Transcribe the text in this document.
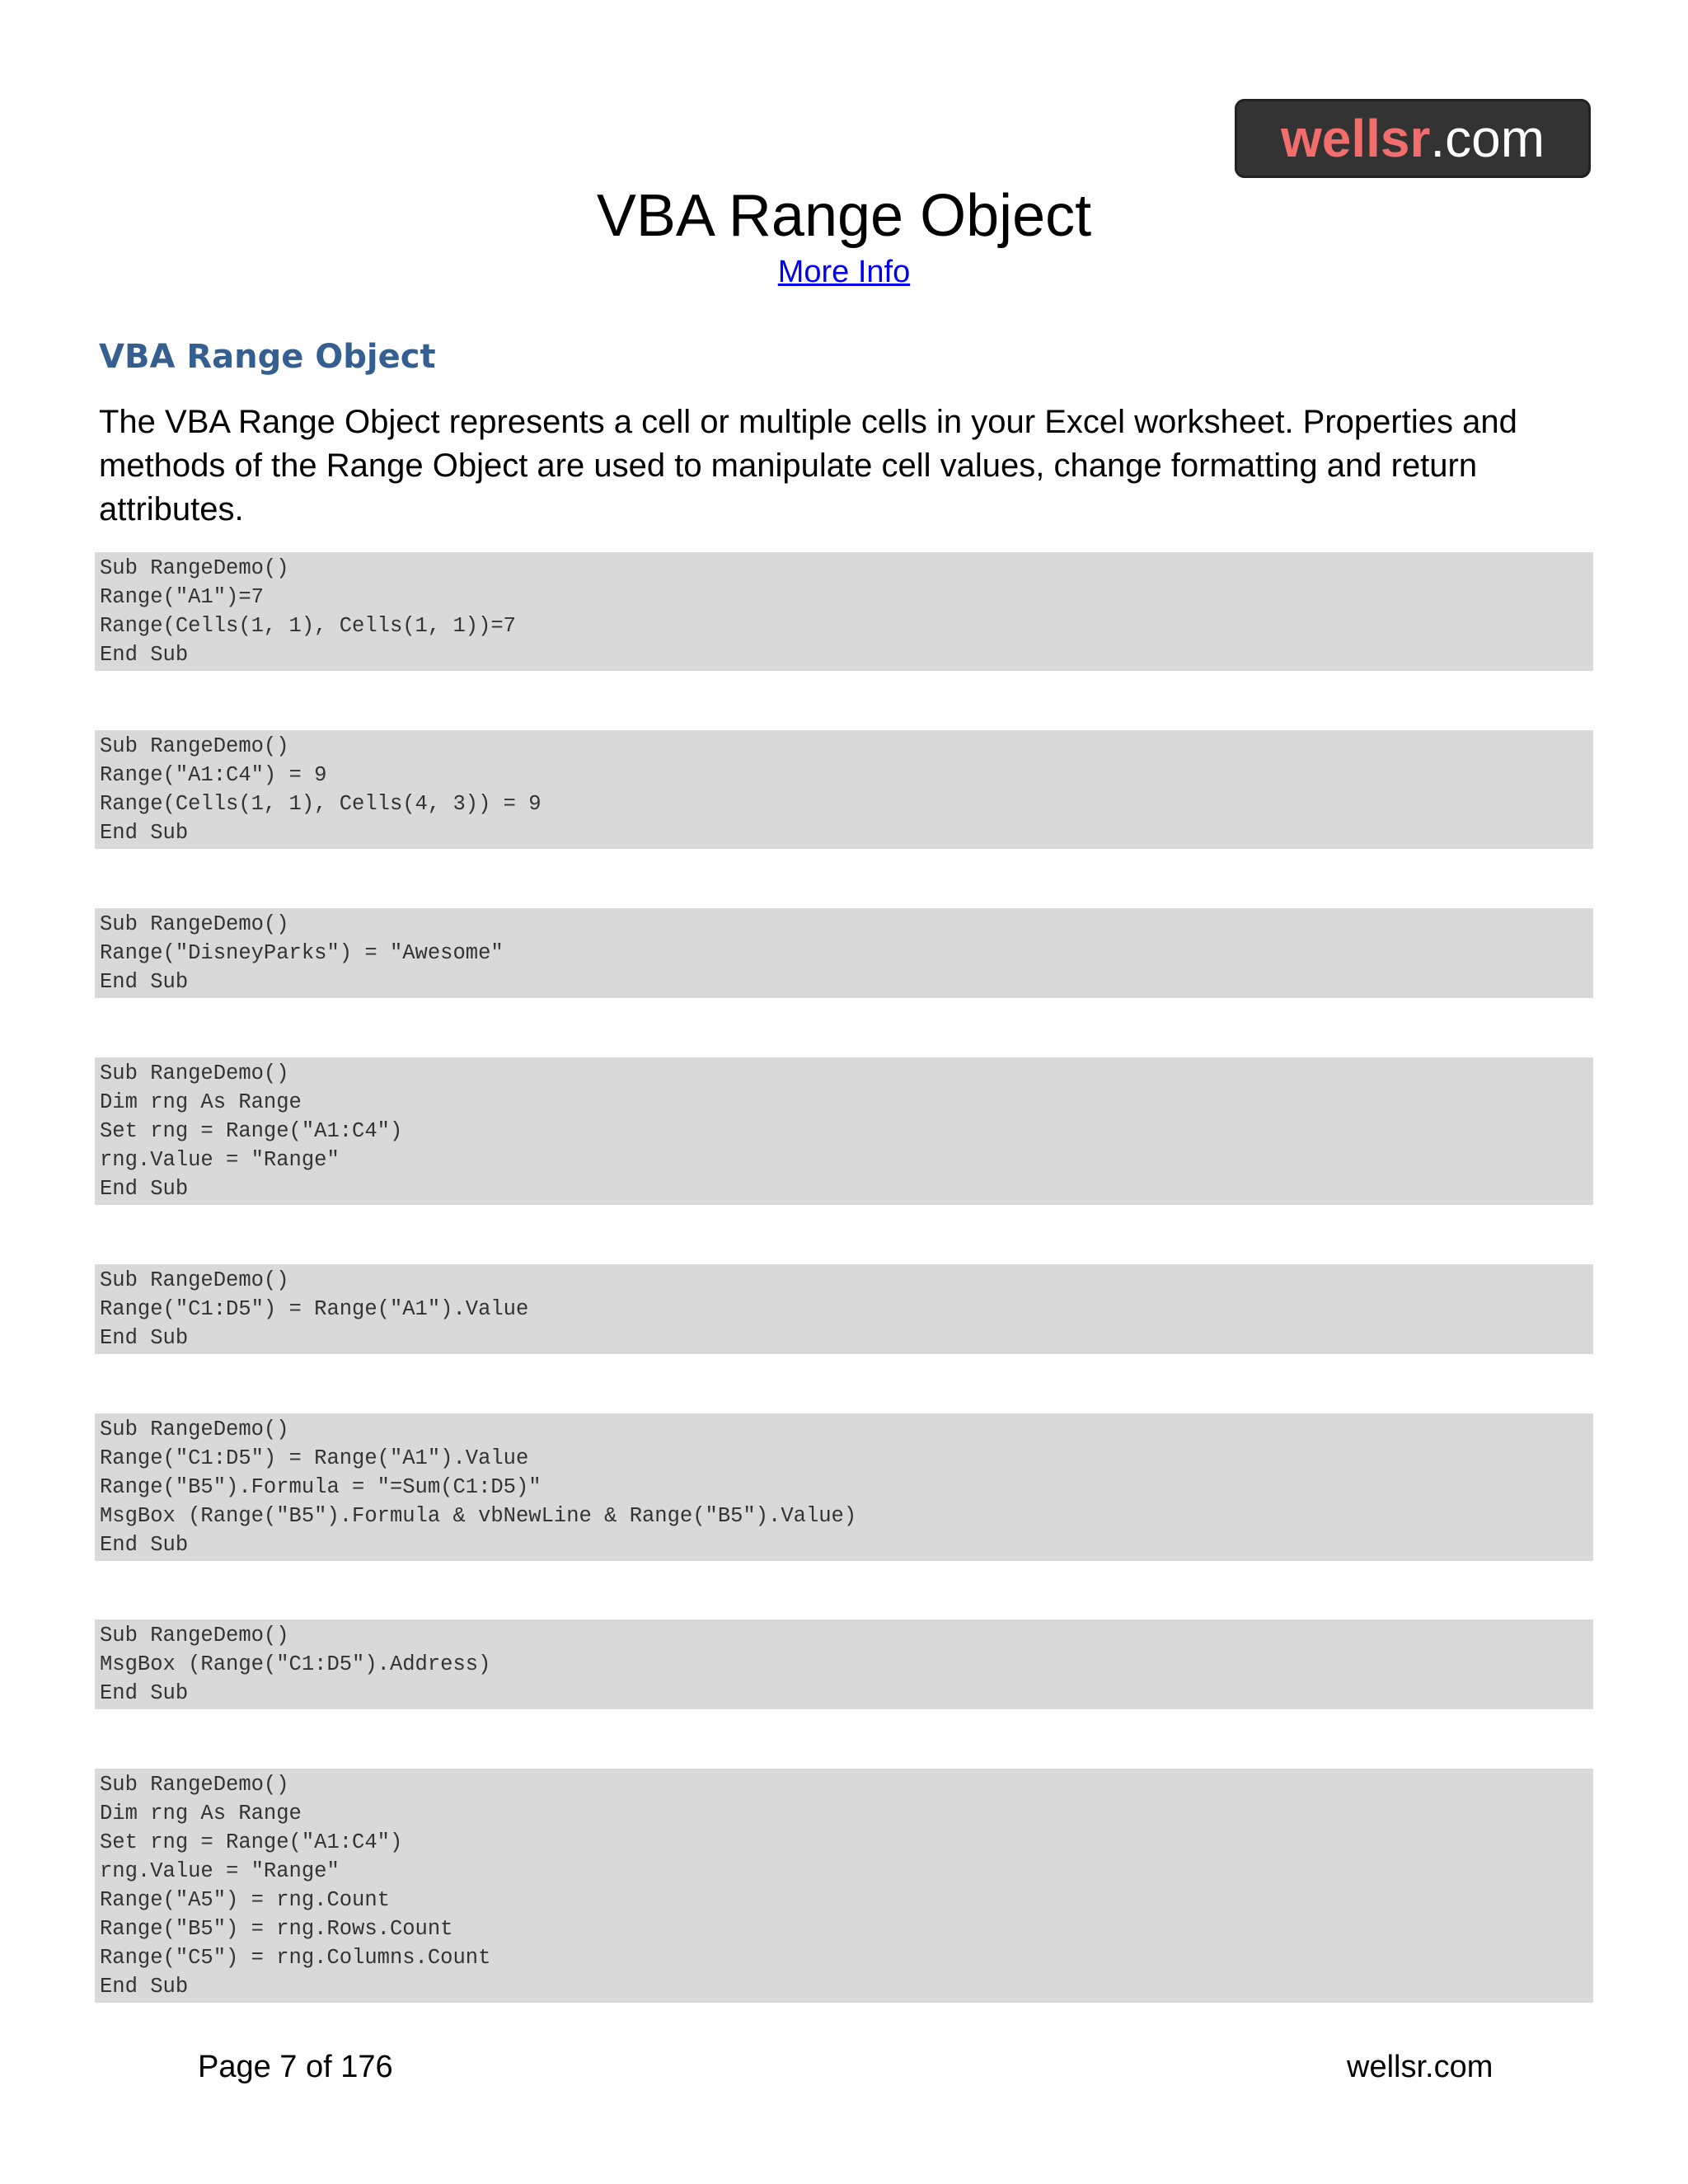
wellsr .com
VBA Range Object
More Info
VBA Range Object
The VBA Range Object represents a cell or multiple cells in your Excel worksheet. Properties and methods of the Range Object are used to manipulate cell values, change formatting and return attributes.
Sub RangeDemo()
Range("A1")=7
Range(Cells(1, 1), Cells(1, 1))=7
End Sub
Sub RangeDemo()
Range("A1:C4") = 9
Range(Cells(1, 1), Cells(4, 3)) = 9
End Sub
Sub RangeDemo()
Range("DisneyParks") = "Awesome"
End Sub
Sub RangeDemo()
Dim rng As Range
Set rng = Range("A1:C4")
rng.Value = "Range"
End Sub
Sub RangeDemo()
Range("C1:D5") = Range("A1").Value
End Sub
Sub RangeDemo()
Range("C1:D5") = Range("A1").Value
Range("B5").Formula = "=Sum(C1:D5)"
MsgBox (Range("B5").Formula & vbNewLine & Range("B5").Value)
End Sub
Sub RangeDemo()
MsgBox (Range("C1:D5").Address)
End Sub
Sub RangeDemo()
Dim rng As Range
Set rng = Range("A1:C4")
rng.Value = "Range"
Range("A5") = rng.Count
Range("B5") = rng.Rows.Count
Range("C5") = rng.Columns.Count
End Sub
Page 7 of 176	wellsr.com
